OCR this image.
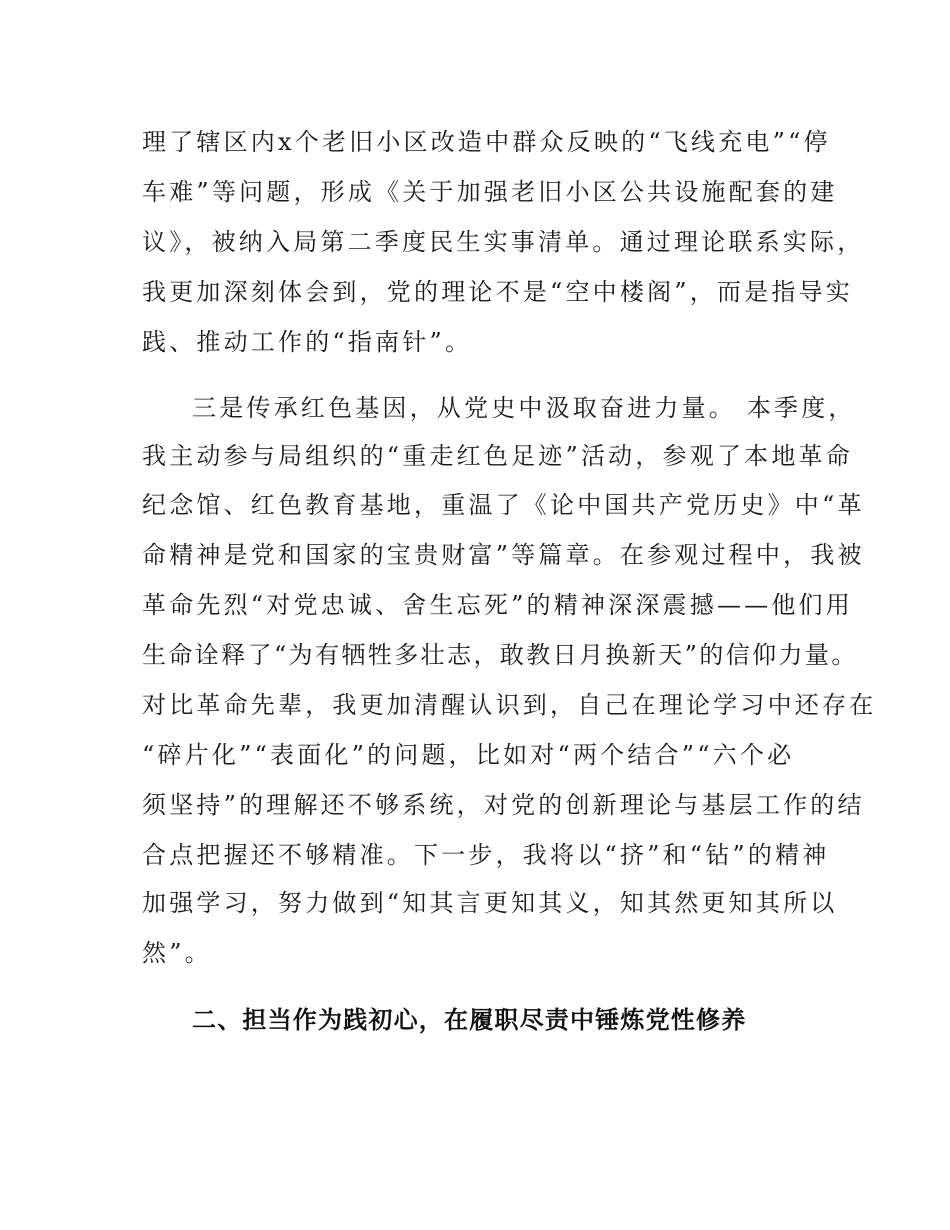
理了辖区内x个老旧小区改造中群众反映的“飞线充电”“停
车难”等问题，形成《关于加强老旧小区公共设施配套的建
议》，被纳入局第二季度民生实事清单。通过理论联系实际，
我更加深刻体会到，党的理论不是“空中楼阁”，而是指导实
践、推动工作的“指南针”。
三是传承红色基因，从党史中汲取奋进力量。 本季度，
我主动参与局组织的“重走红色足迹”活动，参观了本地革命
纪念馆、红色教育基地，重温了《论中国共产党历史》中“革
命精神是党和国家的宝贵财富”等篇章。在参观过程中，我被
革命先烈“对党忠诚、舍生忘死”的精神深深震撼——他们用
生命诠释了“为有牺牲多壮志，敢教日月换新天”的信仰力量。
对比革命先辈，我更加清醒认识到，自己在理论学习中还存在
“碎片化”“表面化”的问题，比如对“两个结合”“六个必
须坚持”的理解还不够系统，对党的创新理论与基层工作的结
合点把握还不够精准。下一步，我将以“挤”和“钻”的精神
加强学习，努力做到“知其言更知其义，知其然更知其所以
然”。
二、担当作为践初心，在履职尽责中锤炼党性修养
